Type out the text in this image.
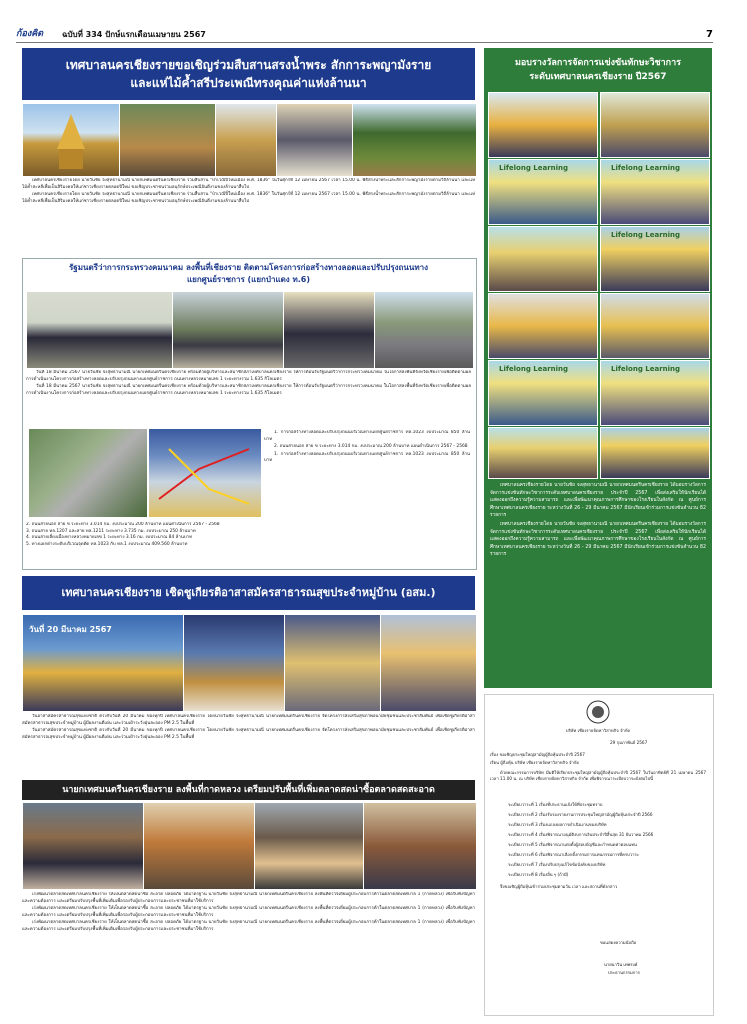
ก้องคิด	ฉบับที่ 334 ปักษ์แรกเดือนเมษายน 2567	7
เทศบาลนครเชียงรายขอเชิญร่วมสืบสานสรงน้ำพระ สักการะพญามังราย
และแห่ไม้ค้ำสรีประเพณีทรงคุณค่าแห่งล้านนา

เทศบาลนครเชียงรายโดย นายวันชัย จงสุทธานามณี นายกเทศมนตรีนครเชียงราย ร่วมสืบสาน "ป๋าเวณีปี๋ใหม่เมือง พ.ศ. 1836" ในวันศุกร์ที่ 12 เมษายน 2567 เวลา 15.00 น. พิธีสรงน้ำพระและสักการะพญามังรายตามวิถีล้านนา และแห่ไม้ค้ำสะหลีเพื่อเป็นสิริมงคลให้แก่ชาวเชียงรายตลอดปีใหม่ ขอเชิญประชาชนร่วมอนุรักษ์ประเพณีอันดีงามของล้านนาสืบไป

เทศบาลนครเชียงรายโดย นายวันชัย จงสุทธานามณี นายกเทศมนตรีนครเชียงราย ร่วมสืบสาน "ป๋าเวณีปี๋ใหม่เมือง พ.ศ. 1836" ในวันศุกร์ที่ 12 เมษายน 2567 เวลา 15.00 น. พิธีสรงน้ำพระและสักการะพญามังรายตามวิถีล้านนา และแห่ไม้ค้ำสะหลีเพื่อเป็นสิริมงคลให้แก่ชาวเชียงรายตลอดปีใหม่ ขอเชิญประชาชนร่วมอนุรักษ์ประเพณีอันดีงามของล้านนาสืบไป

รัฐมนตรีว่าการกระทรวงคมนาคม ลงพื้นที่เชียงราย ติดตามโครงการก่อสร้างทางลอดและปรับปรุงถนนทาง
แยกศูนย์ราชการ (แยกป่าแดง ท.6)

วันที่ 18 มีนาคม 2567 นายวันชัย จงสุทธานามณี นายกเทศมนตรีนครเชียงราย พร้อมด้วยผู้บริหารและสมาชิกสภาเทศบาลนครเชียงราย ให้การต้อนรับรัฐมนตรีว่าการกระทรวงคมนาคม ในโอกาสลงพื้นที่จังหวัดเชียงรายเพื่อติดตามผลการดำเนินงานโครงการก่อสร้างทางลอดและปรับปรุงถนนทางแยกศูนย์ราชการ ถนนทางหลวงหมายเลข 1 ระยะทางรวม 1.635 กิโลเมตร

วันที่ 18 มีนาคม 2567 นายวันชัย จงสุทธานามณี นายกเทศมนตรีนครเชียงราย พร้อมด้วยผู้บริหารและสมาชิกสภาเทศบาลนครเชียงราย ให้การต้อนรับรัฐมนตรีว่าการกระทรวงคมนาคม ในโอกาสลงพื้นที่จังหวัดเชียงรายเพื่อติดตามผลการดำเนินงานโครงการก่อสร้างทางลอดและปรับปรุงถนนทางแยกศูนย์ราชการ ถนนทางหลวงหมายเลข 1 ระยะทางรวม 1.635 กิโลเมตร

1. การก่อสร้างทางลอดและปรับปรุงถนนบริเวณทางแยกศูนย์ราชการ ทล.1023 งบประมาณ 850 ล้านบาท

2. ถนนสายนอก สาย ข ระยะทาง 3.014 กม. งบประมาณ 200 ล้านบาท แผนดำเนินการ 2567 - 2568

1. การก่อสร้างทางลอดและปรับปรุงถนนบริเวณทางแยกศูนย์ราชการ ทล.1023 งบประมาณ 850 ล้านบาท

2. ถนนสายนอก สาย ข ระยะทาง 3.014 กม. งบประมาณ 200 ล้านบาท แผนดำเนินการ 2567 - 2568
3. ถนนสาย ทล.1207 และสาย ทล.1211 ระยะทาง 3.735 กม. งบประมาณ 250 ล้านบาท
4. ถนนสายเลี่ยงเมืองทางหลวงหมายเลข 1 ระยะทาง 3.16 กม. งบประมาณ 84 ล้านบาท
5. ทางแยกต่างระดับบริเวณจุดตัด ทล.1023 กับ ทล.1 งบประมาณ 409.560 ล้านบาท
เทศบาลนครเชียงราย เชิดชูเกียรติอาสาสมัครสาธารณสุขประจำหมู่บ้าน (อสม.)
วันที่ 20 มีนาคม 2567

วันอาสาสมัครสาธารณสุขแห่งชาติ ตรงกับวันที่ 20 มีนาคม ของทุกปี เทศบาลนครเชียงราย โดยนายวันชัย จงสุทธานามณี นายกเทศมนตรีนครเชียงราย จัดโครงการส่งเสริมสุขภาพอนามัยชุมชนและประชาสัมพันธ์ เพื่อเชิดชูเกียรติอาสาสมัครสาธารณสุขประจำหมู่บ้าน ผู้มีผลงานดีเด่น และร่วมเฝ้าระวังฝุ่นละออง PM 2.5 ในพื้นที่

วันอาสาสมัครสาธารณสุขแห่งชาติ ตรงกับวันที่ 20 มีนาคม ของทุกปี เทศบาลนครเชียงราย โดยนายวันชัย จงสุทธานามณี นายกเทศมนตรีนครเชียงราย จัดโครงการส่งเสริมสุขภาพอนามัยชุมชนและประชาสัมพันธ์ เพื่อเชิดชูเกียรติอาสาสมัครสาธารณสุขประจำหมู่บ้าน ผู้มีผลงานดีเด่น และร่วมเฝ้าระวังฝุ่นละออง PM 2.5 ในพื้นที่

นายกเทศมนตรีนครเชียงราย ลงพื้นที่กาดหลวง เตรียมปรับพื้นที่เพิ่มตลาดสดน่าซื้อตลาดสดสะอาด

เร่งพัฒนาตลาดสดเทศบาลนครเชียงราย ให้เป็นตลาดสดน่าซื้อ สะอาด ปลอดภัย ได้มาตรฐาน นายวันชัย จงสุทธานามณี นายกเทศมนตรีนครเชียงราย ลงพื้นที่ตรวจเยี่ยมผู้ประกอบการค้าในตลาดสดเทศบาล 1 (กาดหลวง) เพื่อรับฟังปัญหาและความต้องการ และเตรียมปรับปรุงพื้นที่เพิ่มเติมเพื่อรองรับผู้ประกอบการและประชาชนที่มาใช้บริการ

เร่งพัฒนาตลาดสดเทศบาลนครเชียงราย ให้เป็นตลาดสดน่าซื้อ สะอาด ปลอดภัย ได้มาตรฐาน นายวันชัย จงสุทธานามณี นายกเทศมนตรีนครเชียงราย ลงพื้นที่ตรวจเยี่ยมผู้ประกอบการค้าในตลาดสดเทศบาล 1 (กาดหลวง) เพื่อรับฟังปัญหาและความต้องการ และเตรียมปรับปรุงพื้นที่เพิ่มเติมเพื่อรองรับผู้ประกอบการและประชาชนที่มาใช้บริการ

เร่งพัฒนาตลาดสดเทศบาลนครเชียงราย ให้เป็นตลาดสดน่าซื้อ สะอาด ปลอดภัย ได้มาตรฐาน นายวันชัย จงสุทธานามณี นายกเทศมนตรีนครเชียงราย ลงพื้นที่ตรวจเยี่ยมผู้ประกอบการค้าในตลาดสดเทศบาล 1 (กาดหลวง) เพื่อรับฟังปัญหาและความต้องการ และเตรียมปรับปรุงพื้นที่เพิ่มเติมเพื่อรองรับผู้ประกอบการและประชาชนที่มาใช้บริการ

มอบรางวัลการจัดการแข่งขันทักษะวิชาการ
ระดับเทศบาลนครเชียงราย ปี2567
Lifelong Learning	Lifelong Learning
Lifelong Learning
Lifelong Learning	Lifelong Learning

เทศบาลนครเชียงรายโดย นายวันชัย จงสุทธานามณี นายกเทศมนตรีนครเชียงราย ได้มอบรางวัลการจัดการแข่งขันทักษะวิชาการระดับเทศบาลนครเชียงราย ประจำปี 2567 เพื่อส่งเสริมให้นักเรียนได้แสดงออกถึงความรู้ความสามารถ และเพื่อพัฒนาคุณภาพการศึกษาของโรงเรียนในสังกัด ณ ศูนย์การศึกษาเทศบาลนครเชียงราย ระหว่างวันที่ 26 - 29 มีนาคม 2567 มีนักเรียนเข้าร่วมการแข่งขันจำนวน 82 รายการ

เทศบาลนครเชียงรายโดย นายวันชัย จงสุทธานามณี นายกเทศมนตรีนครเชียงราย ได้มอบรางวัลการจัดการแข่งขันทักษะวิชาการระดับเทศบาลนครเชียงราย ประจำปี 2567 เพื่อส่งเสริมให้นักเรียนได้แสดงออกถึงความรู้ความสามารถ และเพื่อพัฒนาคุณภาพการศึกษาของโรงเรียนในสังกัด ณ ศูนย์การศึกษาเทศบาลนครเชียงราย ระหว่างวันที่ 26 - 29 มีนาคม 2567 มีนักเรียนเข้าร่วมการแข่งขันจำนวน 82 รายการ

บริษัท เชียงรายจัดหาวิสาหกิจ จำกัด
29 กุมภาพันธ์ 2567
เรื่อง ขอเชิญประชุมใหญ่สามัญผู้ถือหุ้นประจำปี 2567
เรียน ผู้ถือหุ้น บริษัท เชียงรายจัดหาวิสาหกิจ จำกัด

ด้วยคณะกรรมการบริษัท มีมติให้เรียกประชุมใหญ่สามัญผู้ถือหุ้นประจำปี 2567 ในวันอาทิตย์ที่ 21 เมษายน 2567 เวลา 11.00 น. ณ บริษัท เชียงรายจัดหาวิสาหกิจ จำกัด เพื่อพิจารณาระเบียบวาระดังต่อไปนี้

ระเบียบวาระที่ 1 เรื่องที่ประธานแจ้งให้ที่ประชุมทราบ
ระเบียบวาระที่ 2 เรื่องรับรองรายงานการประชุมใหญ่สามัญผู้ถือหุ้นประจำปี 2566
ระเบียบวาระที่ 3 เรื่องแถลงผลการดำเนินงานของบริษัท
ระเบียบวาระที่ 4 เรื่องพิจารณาอนุมัติงบการเงินประจำปีสิ้นสุด 31 ธันวาคม 2566
ระเบียบวาระที่ 5 เรื่องพิจารณาแต่งตั้งผู้สอบบัญชีและกำหนดค่าตอบแทน
ระเบียบวาระที่ 6 เรื่องพิจารณาเลือกตั้งกรรมการแทนกรรมการที่ครบวาระ
ระเบียบวาระที่ 7 เรื่องปรับปรุงแก้ไขข้อบังคับของบริษัท
ระเบียบวาระที่ 8 เรื่องอื่น ๆ (ถ้ามี)
จึงขอเชิญผู้ถือหุ้นเข้าร่วมประชุมตามวัน เวลา และสถานที่ดังกล่าว
ขอแสดงความนับถือ
นายนาวิน เทพรงค์
ประธานกรรมการ
